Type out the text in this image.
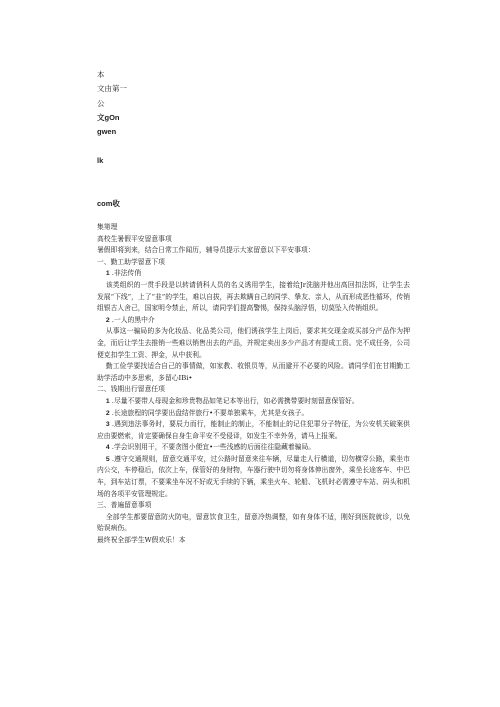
本
文由第一
公
文gOn
gwen
lk
com收

集第理

高校生暑假平安留意事项

暑假即将到来，结合日常工作闻历，辅导员提示大家留意以下平安事项：

一、勤工助学留意下项

1 .非法传俏

该类组织的一贯手段是以转请俏科人员的名义诱用学生，接着给Jr洗脑并他出高回扣法饵，让学生去发展“下线”，上了“韭”的学生，难以自拔，再去欺瞒自己的同学、挚友、亲人，从而形成恶性循环，传销组银古人舍己，国家明令禁止，所以，请同学们提高警惕，保持头脑浮悟，切莫坠入传销组织。

2 .一人的黑中介

从事这一骗局的多为化妆品、化品类公司，他们诱孩学生上岗后，要求其交现金或买部分产品作为押金，而后让学生去推销一些难以销售出去的产品，并规定卖出多少产品才有提成工资。完不成任务，公司便克扣学生工资、押金，从中获利。

勤工俭学要找适合自己的事情做，如家教、收银员等，从而避开不必要的风险。请同学们在甘期勤工助学活动中多思索，多留心IBi•

二、钱期出行留意任项

1 .尽量不要带人母现金和珍贵物品如笔记本等出行，如必需携带要时刻留意保管好。

2 .长途旅程的同学要出盘结伴旅行•不要单独乘车，尤其是女孩子。

3 .遇到违法事务时，要辰力而行，能制止的制止，不能制止的记住犯罪分子特征，为公安机关破案供应由要燃索，肯定要确保自身生命平安不受侵译，如发生不幸外务，请马上报案。

4 .学会识别用干，不要贪图小便宜•一些浅感的后面往往隐藏着骗局。

5 .遵守交通规则，留意交通平安，过公路时留意来往车辆，尽量走人行横道，切勿横穿公路，乘坐市内公交，车停稳后，依次上车，保管好的身财物，车器行驶中切勿将身体伸出窗外，乘坐长途客车、中巴车，到车站订票，不要乘坐车况不好或无手续的下辆，乘坐火车、轮船、飞机时必需遵守车站、码头和机场的各项平安管理规定。

三、普遍留意事项

全部学生都要留意防火防电，留意饮食卫生，留意冷热调整，如有身体不适，刚好到医院就诊，以免贻误病伤。

最终祝全部学生W假欢乐！本
